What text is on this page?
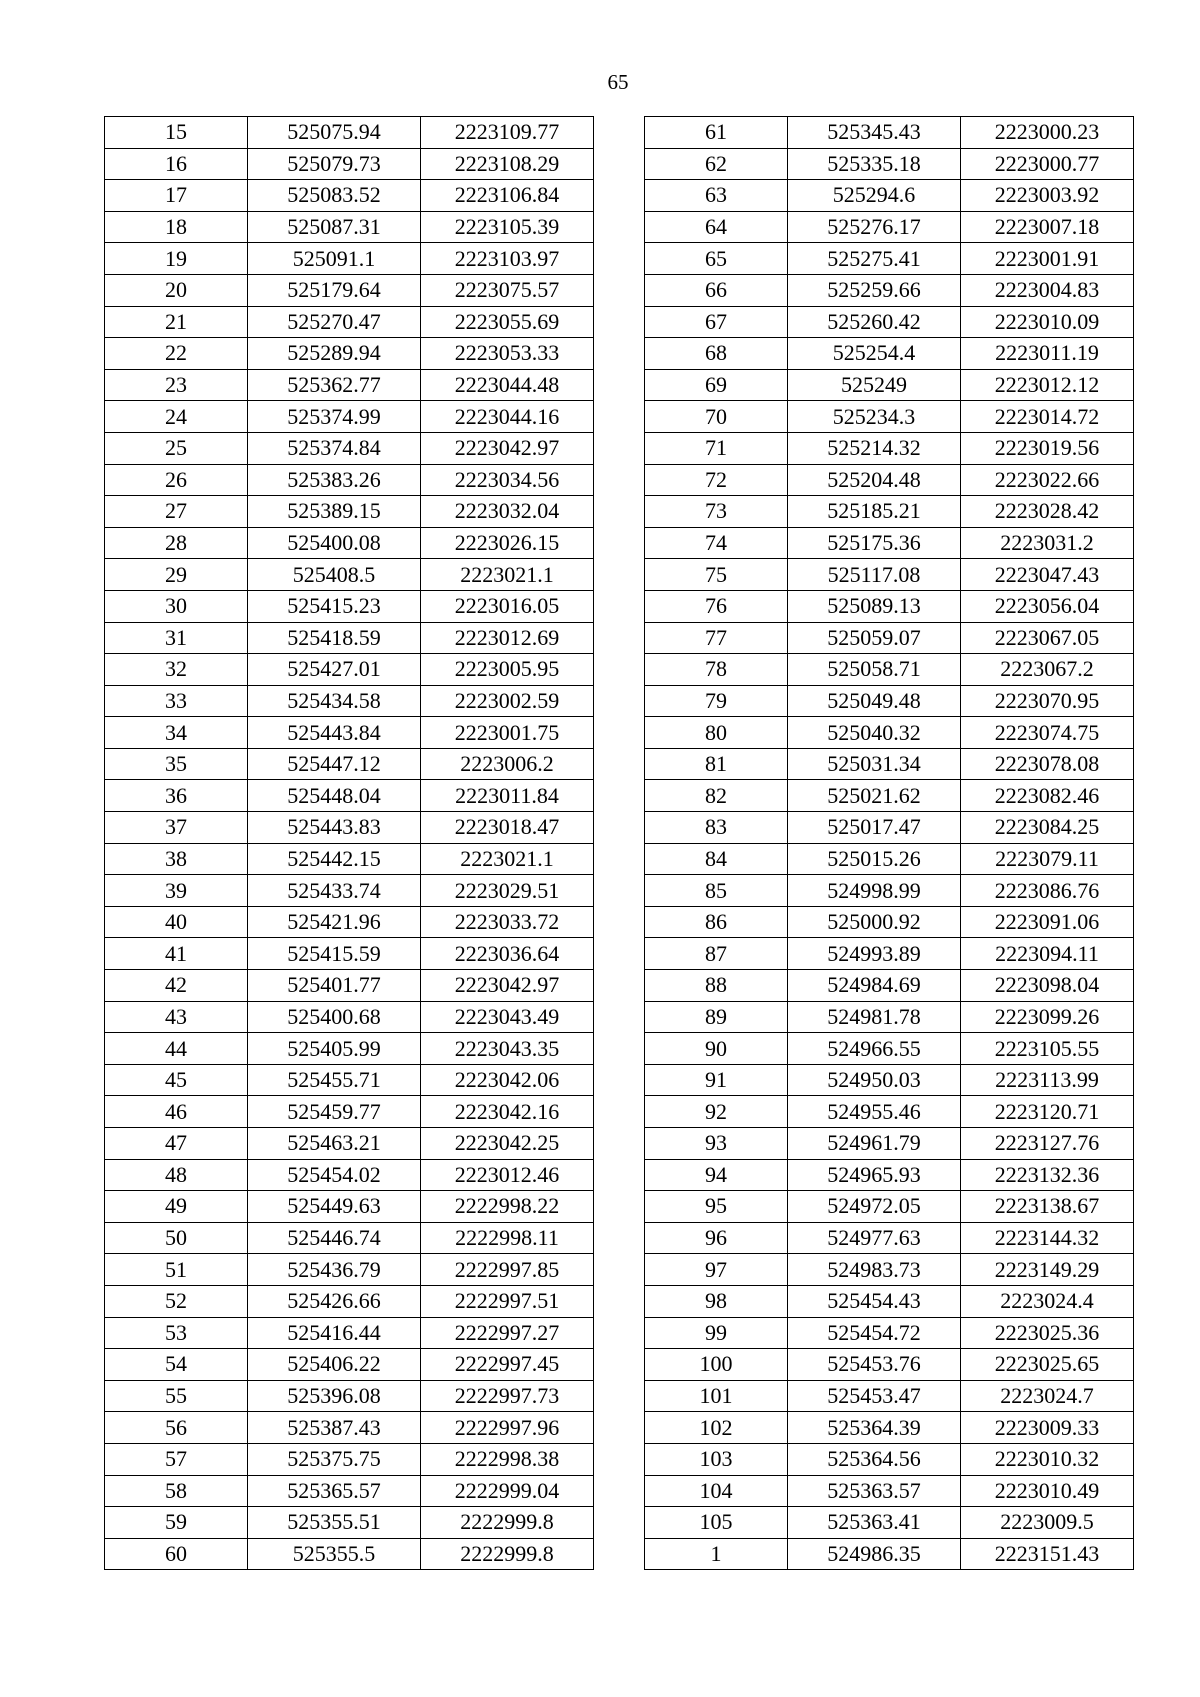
65
15	525075.94	2223109.77
16	525079.73	2223108.29
17	525083.52	2223106.84
18	525087.31	2223105.39
19	525091.1	2223103.97
20	525179.64	2223075.57
21	525270.47	2223055.69
22	525289.94	2223053.33
23	525362.77	2223044.48
24	525374.99	2223044.16
25	525374.84	2223042.97
26	525383.26	2223034.56
27	525389.15	2223032.04
28	525400.08	2223026.15
29	525408.5	2223021.1
30	525415.23	2223016.05
31	525418.59	2223012.69
32	525427.01	2223005.95
33	525434.58	2223002.59
34	525443.84	2223001.75
35	525447.12	2223006.2
36	525448.04	2223011.84
37	525443.83	2223018.47
38	525442.15	2223021.1
39	525433.74	2223029.51
40	525421.96	2223033.72
41	525415.59	2223036.64
42	525401.77	2223042.97
43	525400.68	2223043.49
44	525405.99	2223043.35
45	525455.71	2223042.06
46	525459.77	2223042.16
47	525463.21	2223042.25
48	525454.02	2223012.46
49	525449.63	2222998.22
50	525446.74	2222998.11
51	525436.79	2222997.85
52	525426.66	2222997.51
53	525416.44	2222997.27
54	525406.22	2222997.45
55	525396.08	2222997.73
56	525387.43	2222997.96
57	525375.75	2222998.38
58	525365.57	2222999.04
59	525355.51	2222999.8
60	525355.5	2222999.8
61	525345.43	2223000.23
62	525335.18	2223000.77
63	525294.6	2223003.92
64	525276.17	2223007.18
65	525275.41	2223001.91
66	525259.66	2223004.83
67	525260.42	2223010.09
68	525254.4	2223011.19
69	525249	2223012.12
70	525234.3	2223014.72
71	525214.32	2223019.56
72	525204.48	2223022.66
73	525185.21	2223028.42
74	525175.36	2223031.2
75	525117.08	2223047.43
76	525089.13	2223056.04
77	525059.07	2223067.05
78	525058.71	2223067.2
79	525049.48	2223070.95
80	525040.32	2223074.75
81	525031.34	2223078.08
82	525021.62	2223082.46
83	525017.47	2223084.25
84	525015.26	2223079.11
85	524998.99	2223086.76
86	525000.92	2223091.06
87	524993.89	2223094.11
88	524984.69	2223098.04
89	524981.78	2223099.26
90	524966.55	2223105.55
91	524950.03	2223113.99
92	524955.46	2223120.71
93	524961.79	2223127.76
94	524965.93	2223132.36
95	524972.05	2223138.67
96	524977.63	2223144.32
97	524983.73	2223149.29
98	525454.43	2223024.4
99	525454.72	2223025.36
100	525453.76	2223025.65
101	525453.47	2223024.7
102	525364.39	2223009.33
103	525364.56	2223010.32
104	525363.57	2223010.49
105	525363.41	2223009.5
1	524986.35	2223151.43
